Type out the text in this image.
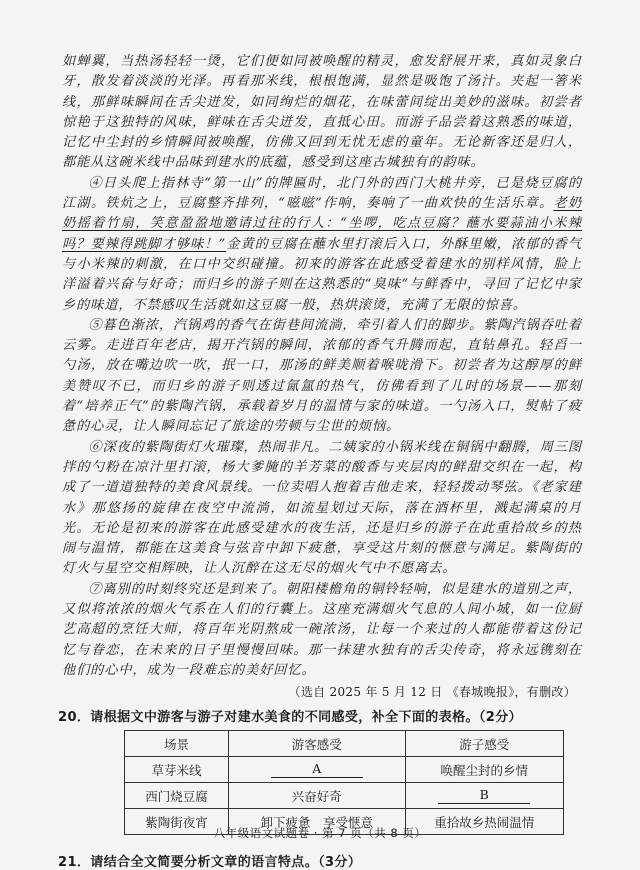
如蝉翼，当热汤轻轻一烫，它们便如同被唤醒的精灵，愈发舒展开来，真如灵象白牙，散发着淡淡的光泽。再看那米线，根根饱满，显然是吸饱了汤汁。夹起一箸米线，那鲜味瞬间在舌尖迸发，如同绚烂的烟花，在味蕾间绽出美妙的滋味。初尝者惊艳于这独特的风味，鲜味在舌尖迸发，直抵心田。而游子品尝着这熟悉的味道，记忆中尘封的乡情瞬间被唤醒，仿佛又回到无忧无虑的童年。无论新客还是归人，都能从这碗米线中品味到建水的底蕴，感受到这座古城独有的韵味。

④日头爬上指林寺“第一山”的牌匾时，北门外的西门大桃井旁，已是烧豆腐的江湖。铁炕之上，豆腐整齐排列，“嗞嗞”作响，奏响了一曲欢快的生活乐章。老奶奶摇着竹扇，笑意盈盈地邀请过往的行人：“坐啰，吃点豆腐？蘸水要蒜油小米辣吗？要辣得跳脚才够味！”金黄的豆腐在蘸水里打滚后入口，外酥里嫩，浓郁的香气与小米辣的刺激，在口中交织碰撞。初来的游客在此感受着建水的别样风情，脸上洋溢着兴奋与好奇；而归乡的游子则在这熟悉的“臭味”与鲜香中，寻回了记忆中家乡的味道，不禁感叹生活就如这豆腐一般，热烘滚烫，充满了无限的惊喜。

⑤暮色渐浓，汽锅鸡的香气在街巷间流淌，牵引着人们的脚步。紫陶汽锅吞吐着云雾。走进百年老店，揭开汽锅的瞬间，浓郁的香气升腾而起，直钻鼻孔。轻舀一勺汤，放在嘴边吹一吹，抿一口，那汤的鲜美顺着喉咙滑下。初尝者为这醇厚的鲜美赞叹不已，而归乡的游子则透过氤氲的热气，仿佛看到了儿时的场景——那刻着“培养正气”的紫陶汽锅，承载着岁月的温情与家的味道。一勺汤入口，熨帖了疲惫的心灵，让人瞬间忘记了旅途的劳顿与尘世的烦恼。

⑥深夜的紫陶街灯火璀璨，热闹非凡。二姨家的小锅米线在铜锅中翻腾，周三图拌的勺粉在凉汁里打滚，杨大爹腌的羊芳菜的酸香与夹层肉的鲜甜交织在一起，构成了一道道独特的美食风景线。一位卖唱人抱着吉他走来，轻轻拨动琴弦。《老家建水》那悠扬的旋律在夜空中流淌，如流星划过天际，落在酒杯里，溅起满桌的月光。无论是初来的游客在此感受建水的夜生活，还是归乡的游子在此重拾故乡的热闹与温情，都能在这美食与弦音中卸下疲惫，享受这片刻的惬意与满足。紫陶街的灯火与星空交相辉映，让人沉醉在这无尽的烟火气中不愿离去。

⑦离别的时刻终究还是到来了。朝阳楼檐角的铜铃轻响，似是建水的道别之声，又似将浓浓的烟火气系在人们的行囊上。这座充满烟火气息的人间小城，如一位厨艺高超的烹饪大师，将百年光阴熬成一碗浓汤，让每一个来过的人都能带着这份记忆与眷恋，在未来的日子里慢慢回味。那一抹建水独有的舌尖传奇，将永远镌刻在他们的心中，成为一段难忘的美好回忆。

（选自 2025 年 5 月 12 日 《春城晚报》，有删改）

20．请根据文中游客与游子对建水美食的不同感受，补全下面的表格。（2分）
场景	游客感受	游子感受
草芽米线	A	唤醒尘封的乡情
西门烧豆腐	兴奋好奇	B
紫陶街夜宵	卸下疲惫　享受惬意	重拾故乡热闹温情
21．请结合全文简要分析文章的语言特点。（3分）
八年级语文试题卷 · 第 7 页（共 8 页）
